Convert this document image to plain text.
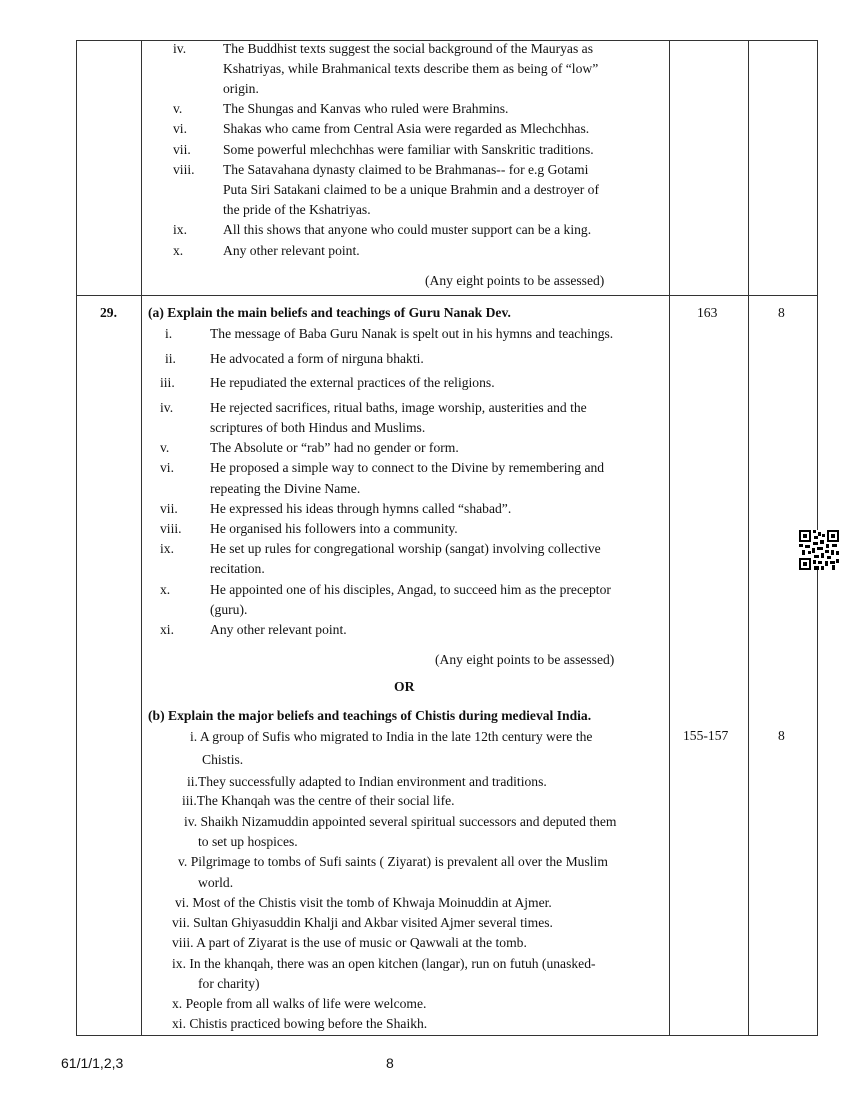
iv.	The Buddhist texts suggest the social background of the Mauryas as
Kshatriyas, while Brahmanical texts describe them as being of “low”
origin.
v.	The Shungas and Kanvas who ruled were Brahmins.
vi.	Shakas who came from Central Asia were regarded as Mlechchhas.
vii. Some powerful mlechchhas were familiar with Sanskritic traditions.
viii. The Satavahana dynasty claimed to be Brahmanas-- for e.g Gotami
Puta Siri Satakani claimed to be a unique Brahmin and a destroyer of
the pride of the Kshatriyas.
ix.	All this shows that anyone who could muster support can be a king.
x.	Any other relevant point.
(Any eight points to be assessed)
29. (a) Explain the main beliefs and teachings of Guru Nanak Dev.	163	8
i.	The message of Baba Guru Nanak is spelt out in his hymns and teachings.
ii.	He advocated a form of nirguna bhakti.
iii.	He repudiated the external practices of the religions.
iv.	He rejected sacrifices, ritual baths, image worship, austerities and the
scriptures of both Hindus and Muslims.
v.	The Absolute or “rab” had no gender or form.
vi.	He proposed a simple way to connect to the Divine by remembering and
repeating the Divine Name.
vii. He expressed his ideas through hymns called “shabad”.
viii. He organised his followers into a community.
ix.	He set up rules for congregational worship (sangat) involving collective
recitation.
x.	He appointed one of his disciples, Angad, to succeed him as the preceptor
(guru).
xi.	Any other relevant point.
(Any eight points to be assessed)
OR
(b) Explain the major beliefs and teachings of Chistis during medieval India.
155-157	8
i. A group of Sufis who migrated to India in the late 12th century were the
Chistis.
ii.They successfully adapted to Indian environment and traditions.
iii.The Khanqah was the centre of their social life.
iv. Shaikh Nizamuddin appointed several spiritual successors and deputed them
to set up hospices.
v. Pilgrimage to tombs of Sufi saints ( Ziyarat) is prevalent all over the Muslim
world.
vi. Most of the Chistis visit the tomb of Khwaja Moinuddin at Ajmer.
vii. Sultan Ghiyasuddin Khalji and Akbar visited Ajmer several times.
viii. A part of Ziyarat is the use of music or Qawwali at the tomb.
ix. In the khanqah, there was an open kitchen (langar), run on futuh (unasked-
for charity)
x. People from all walks of life were welcome.
xi. Chistis practiced bowing before the Shaikh.
61/1/1,2,3	8
